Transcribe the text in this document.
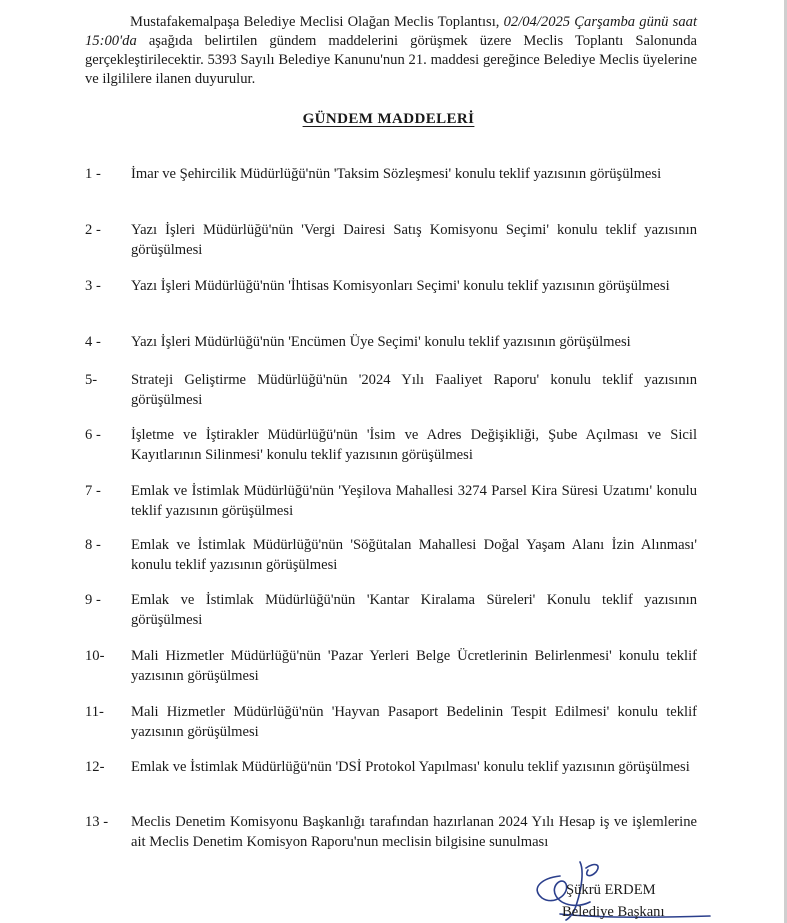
Mustafakemalpaşa Belediye Meclisi Olağan Meclis Toplantısı, 02/04/2025 Çarşamba günü saat 15:00'da aşağıda belirtilen gündem maddelerini görüşmek üzere Meclis Toplantı Salonunda gerçekleştirilecektir. 5393 Sayılı Belediye Kanunu'nun 21. maddesi gereğince Belediye Meclis üyelerine ve ilgililere ilanen duyurulur.

GÜNDEM MADDELERİ
1 -	İmar ve Şehircilik Müdürlüğü'nün 'Taksim Sözleşmesi' konulu teklif yazısının görüşülmesi
2 -	Yazı İşleri Müdürlüğü'nün 'Vergi Dairesi Satış Komisyonu Seçimi' konulu teklif yazısının görüşülmesi
3 -	Yazı İşleri Müdürlüğü'nün 'İhtisas Komisyonları Seçimi' konulu teklif yazısının görüşülmesi
4 -	Yazı İşleri Müdürlüğü'nün 'Encümen Üye Seçimi' konulu teklif yazısının görüşülmesi
5-	Strateji Geliştirme Müdürlüğü'nün '2024 Yılı Faaliyet Raporu' konulu teklif yazısının görüşülmesi
6 -	İşletme ve İştirakler Müdürlüğü'nün 'İsim ve Adres Değişikliği, Şube Açılması ve Sicil Kayıtlarının Silinmesi' konulu teklif yazısının görüşülmesi
7 -	Emlak ve İstimlak Müdürlüğü'nün 'Yeşilova Mahallesi 3274 Parsel Kira Süresi Uzatımı' konulu teklif yazısının görüşülmesi
8 -	Emlak ve İstimlak Müdürlüğü'nün 'Söğütalan Mahallesi Doğal Yaşam Alanı İzin Alınması' konulu teklif yazısının görüşülmesi
9 -	Emlak ve İstimlak Müdürlüğü'nün 'Kantar Kiralama Süreleri' Konulu teklif yazısının görüşülmesi
10-	Mali Hizmetler Müdürlüğü'nün 'Pazar Yerleri Belge Ücretlerinin Belirlenmesi' konulu teklif yazısının görüşülmesi
11-	Mali Hizmetler Müdürlüğü'nün 'Hayvan Pasaport Bedelinin Tespit Edilmesi' konulu teklif yazısının görüşülmesi
12-	Emlak ve İstimlak Müdürlüğü'nün 'DSİ Protokol Yapılması' konulu teklif yazısının görüşülmesi
13 -	Meclis Denetim Komisyonu Başkanlığı tarafından hazırlanan 2024 Yılı Hesap iş ve işlemlerine ait Meclis Denetim Komisyon Raporu'nun meclisin bilgisine sunulması
Şükrü ERDEM
Belediye Başkanı
